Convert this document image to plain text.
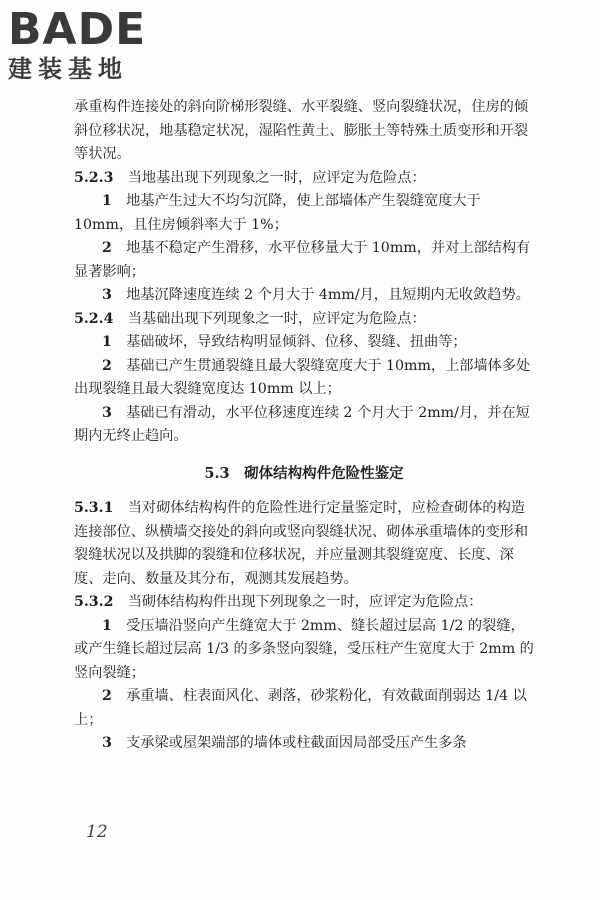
BADE
建装基地

承重构件连接处的斜向阶梯形裂缝、水平裂缝、竖向裂缝状况，住房的倾斜位移状况，地基稳定状况，湿陷性黄土、膨胀土等特殊土质变形和开裂等状况。

5.2.3　 当地基出现下列现象之一时，应评定为危险点：

1　 地基产生过大不均匀沉降，使上部墙体产生裂缝宽度大于 10mm，且住房倾斜率大于 1%；

2　 地基不稳定产生滑移，水平位移量大于 10mm，并对上部结构有显著影响；

3　 地基沉降速度连续 2 个月大于 4mm/月，且短期内无收敛趋势。

5.2.4　 当基础出现下列现象之一时，应评定为危险点：

1　 基础破坏，导致结构明显倾斜、位移、裂缝、扭曲等；

2　 基础已产生贯通裂缝且最大裂缝宽度大于 10mm，上部墙体多处出现裂缝且最大裂缝宽度达 10mm 以上；

3　 基础已有滑动，水平位移速度连续 2 个月大于 2mm/月，并在短期内无终止趋向。

5.3　砌体结构构件危险性鉴定

5.3.1　 当对砌体结构构件的危险性进行定量鉴定时，应检查砌体的构造连接部位、纵横墙交接处的斜向或竖向裂缝状况、砌体承重墙体的变形和裂缝状况以及拱脚的裂缝和位移状况，并应量测其裂缝宽度、长度、深度、走向、数量及其分布，观测其发展趋势。

5.3.2　 当砌体结构构件出现下列现象之一时，应评定为危险点：

1　 受压墙沿竖向产生缝宽大于 2mm、缝长超过层高 1/2 的裂缝，或产生缝长超过层高 1/3 的多条竖向裂缝，受压柱产生宽度大于 2mm 的竖向裂缝；

2　 承重墙、柱表面风化、剥落，砂浆粉化，有效截面削弱达 1/4 以上；

3　 支承梁或屋架端部的墙体或柱截面因局部受压产生多条

12
